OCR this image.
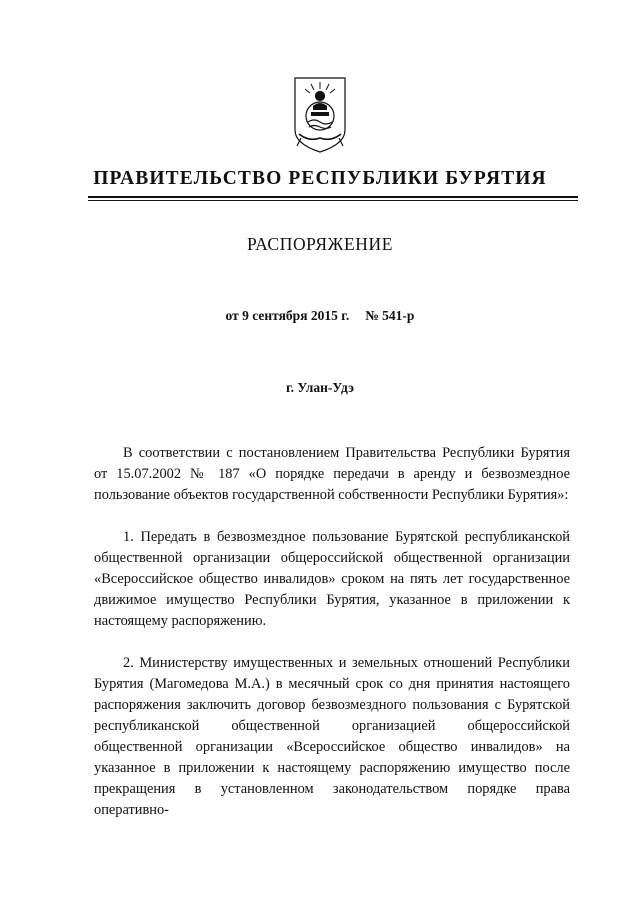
ПРАВИТЕЛЬСТВО РЕСПУБЛИКИ БУРЯТИЯ
РАСПОРЯЖЕНИЕ
от 9 сентября 2015 г. № 541-р
г. Улан-Удэ

В соответствии с постановлением Правительства Республики Бурятия от 15.07.2002 № 187 «О порядке передачи в аренду и безвозмездное пользование объектов государственной собственности Республики Бурятия»:

1. Передать в безвозмездное пользование Бурятской республиканской общественной организации общероссийской общественной организации «Всероссийское общество инвалидов» сроком на пять лет государственное движимое имущество Республики Бурятия, указанное в приложении к настоящему распоряжению.

2. Министерству имущественных и земельных отношений Республики Бурятия (Магомедова М.А.) в месячный срок со дня принятия настоящего распоряжения заключить договор безвозмездного пользования с Бурятской республиканской общественной организацией общероссийской общественной организации «Всероссийское общество инвалидов» на указанное в приложении к настоящему распоряжению имущество после прекращения в установленном законодательством порядке права оперативно-
